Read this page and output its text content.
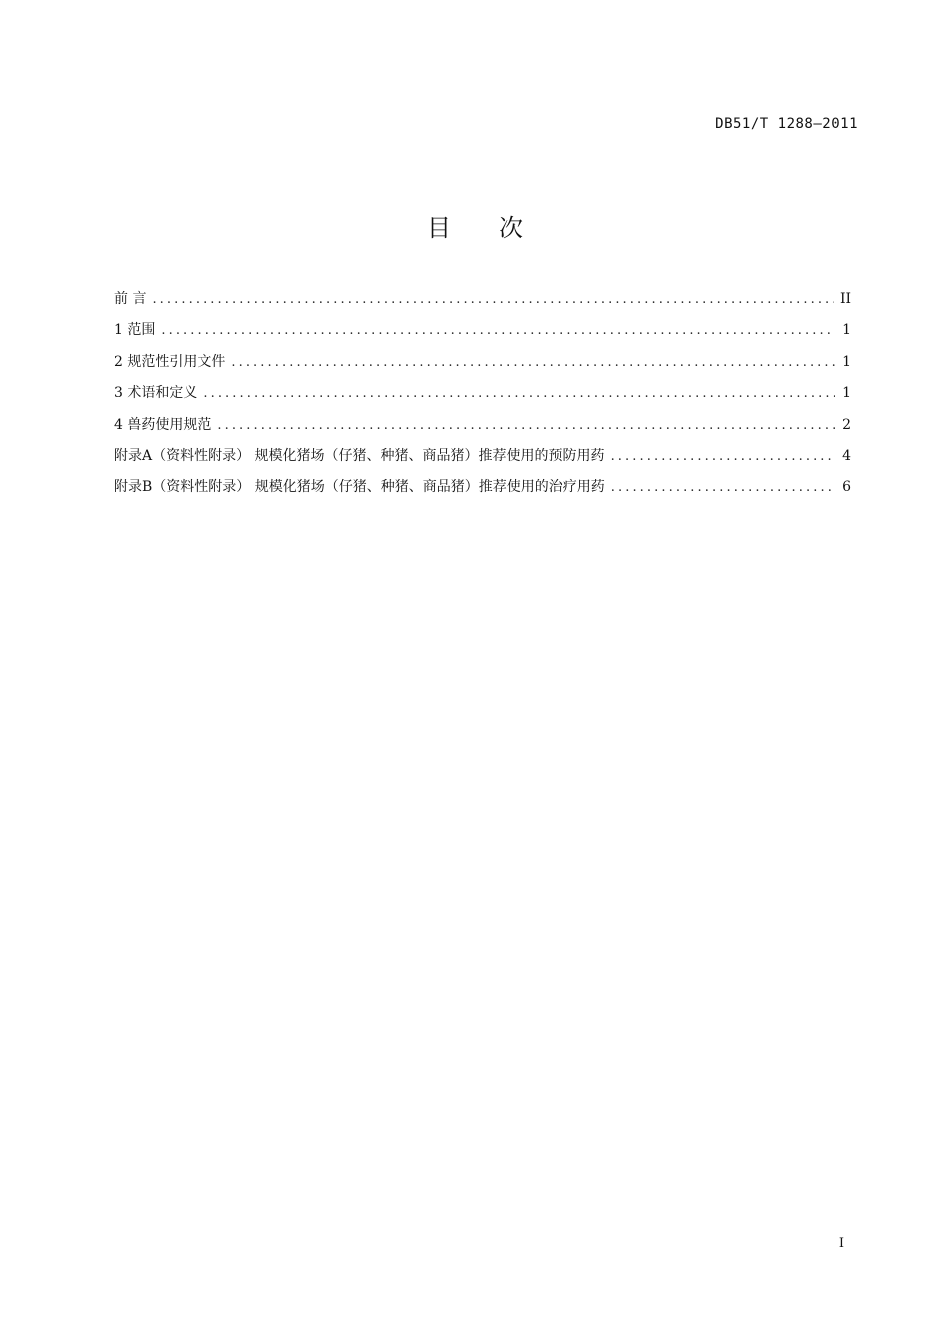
DB51/T 1288—2011
目次
前 言 .....	II
1 范围 .....	1
2 规范性引用文件 .....	1
3 术语和定义 .....	1
4 兽药使用规范 .....	2
附录A（资料性附录） 规模化猪场（仔猪、种猪、商品猪）推荐使用的预防用药 .....	4
附录B（资料性附录） 规模化猪场（仔猪、种猪、商品猪）推荐使用的治疗用药 .....	6
I
